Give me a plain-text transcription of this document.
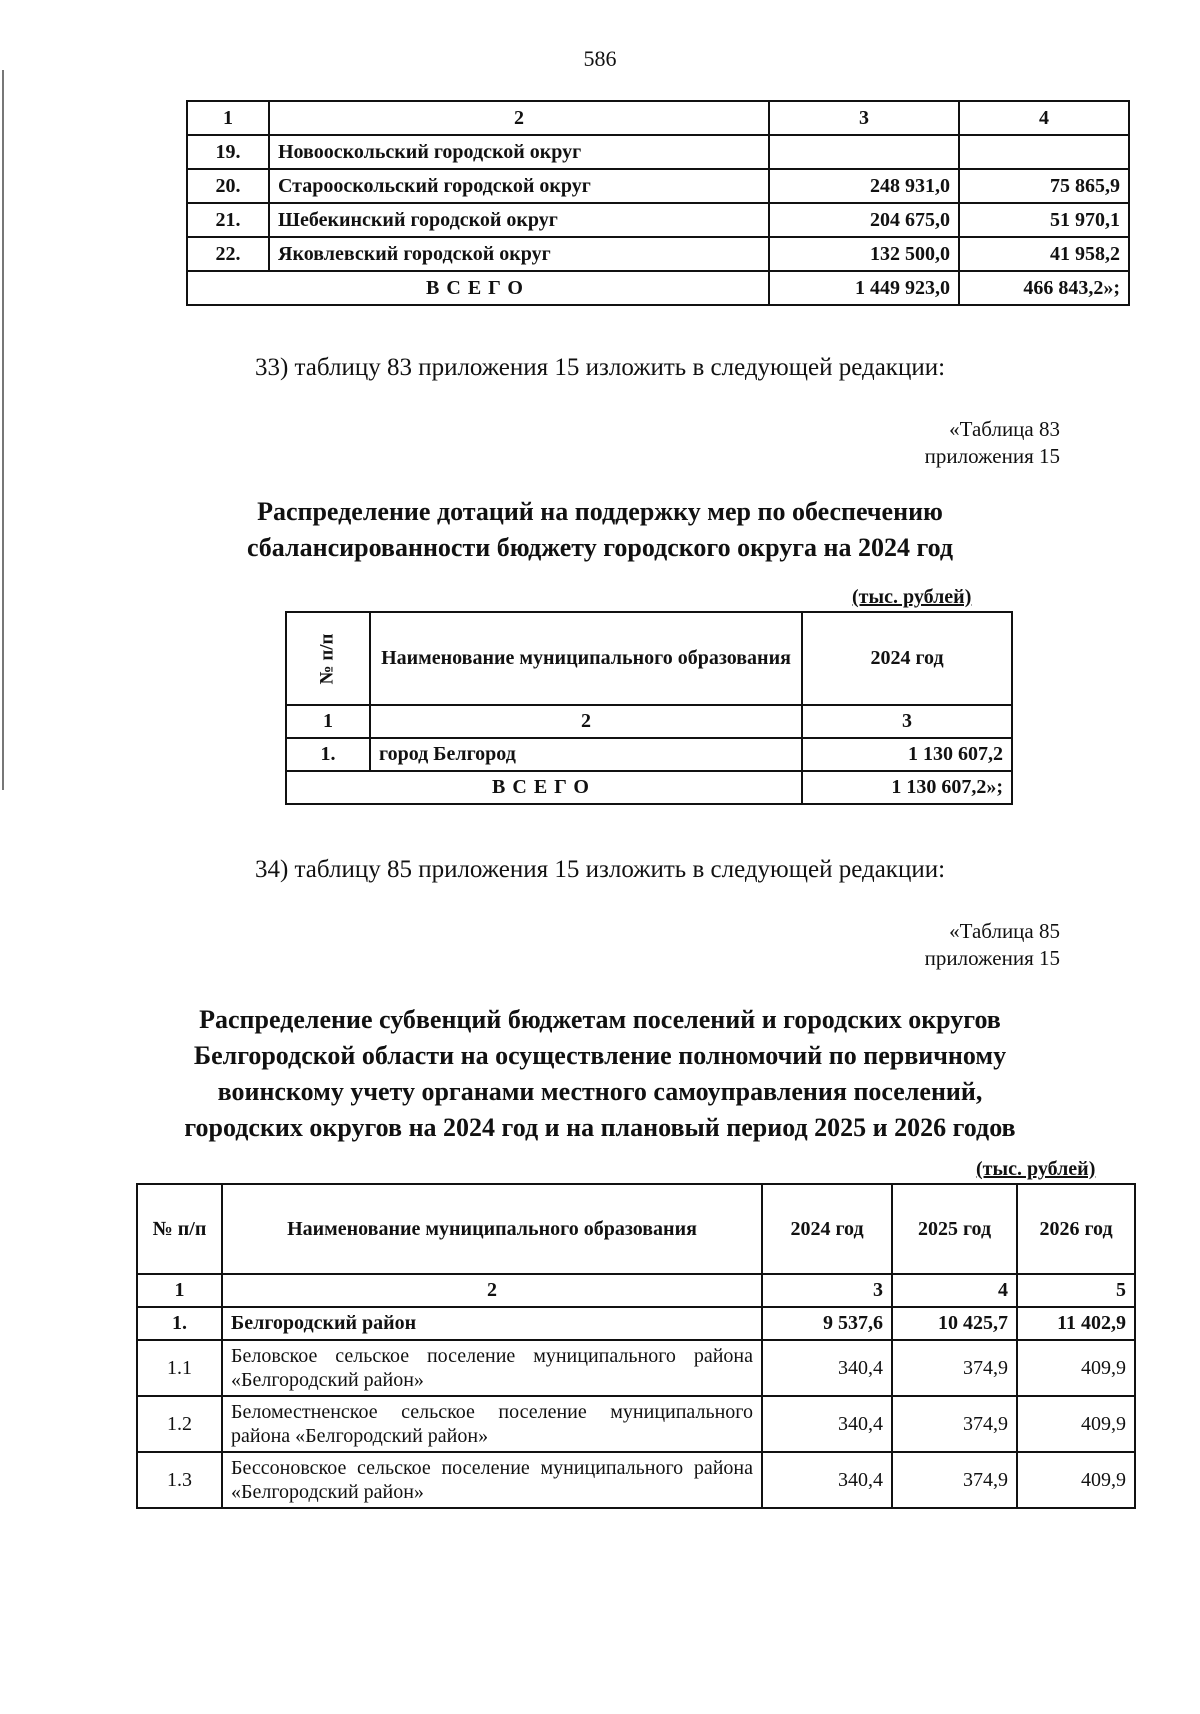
586
1	2	3	4
19.	Новооскольский городской округ		
20.	Старооскольский городской округ	248 931,0	75 865,9
21.	Шебекинский городской округ	204 675,0	51 970,1
22.	Яковлевский городской округ	132 500,0	41 958,2
ВСЕГО		1 449 923,0	466 843,2»;
33) таблицу 83 приложения 15 изложить в следующей редакции:
«Таблица 83
приложения 15
Распределение дотаций на поддержку мер по обеспечению
сбалансированности бюджету городского округа на 2024 год
(тыс. рублей)
№ п/п	Наименование муниципального образования	2024 год
1	2	3
1.	город Белгород	1 130 607,2
ВСЕГО		1 130 607,2»;
34) таблицу 85 приложения 15 изложить в следующей редакции:
«Таблица 85
приложения 15
Распределение субвенций бюджетам поселений и городских округов
Белгородской области на осуществление полномочий по первичному
воинскому учету органами местного самоуправления поселений,
городских округов на 2024 год и на плановый период 2025 и 2026 годов
(тыс. рублей)
№ п/п	Наименование муниципального образования	2024 год	2025 год	2026 год
1	2	3	4	5
1.	Белгородский район	9 537,6	10 425,7	11 402,9
1.1	Беловское сельское поселение муниципального района «Белгородский район»	340,4	374,9	409,9
1.2	Беломестненское сельское поселение муниципального района «Белгородский район»	340,4	374,9	409,9
1.3	Бессоновское сельское поселение муниципального района «Белгородский район»	340,4	374,9	409,9
